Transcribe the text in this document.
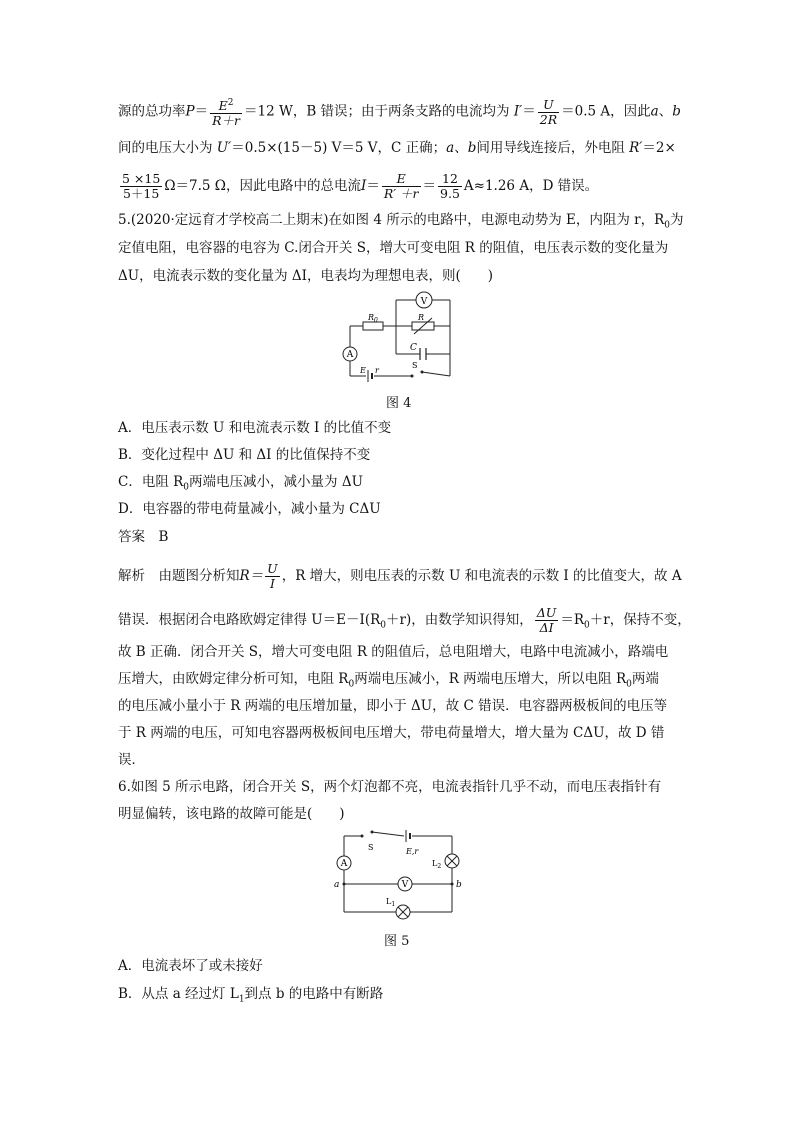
源的总功率$P= \frac{E^2}{R+r} =12$ W，B 错误；由于两条支路的电流均为 $I'= \frac{U}{2R} =0.5$ A，因此a、b
间的电压大小为 U′＝0.5×(15－5) V＝5 V，C 正确；a、b间用导线连接后，外电阻 R′＝2×
$\frac{5 \times 15}{5+15} \Omega=7.5$ Ω，因此电路中的总电流$I= \frac{E}{R' +r} = \frac{12}{9.5} A\approx 1.26$ A，D 错误。
5.(2020·定远育才学校高二上期末)在如图 4 所示的电路中，电源电动势为 E，内阻为 r，$R_0$为
定值电阻，电容器的电容为 C.闭合开关 S，增大可变电阻 R 的阻值，电压表示数的变化量为
ΔU，电流表示数的变化量为 ΔI，电表均为理想电表，则(　　)
V
A
$R_0$	R
C
S
E r
图 4
A．电压表示数 U 和电流表示数 I 的比值不变
B．变化过程中 ΔU 和 ΔI 的比值保持不变
C．电阻 $R_0$两端电压减小，减小量为 ΔU
D．电容器的带电荷量减小，减小量为 CΔU
答案　B
解析　由题图分析知$R= \frac{U}{I}$ ，R 增大，则电压表的示数 U 和电流表的示数 I 的比值变大，故 A
错误．根据闭合电路欧姆定律得 $U=E-I(R_0+r)$，由数学知识得知， $\frac{\Delta U}{\Delta I} =R_0+r$，保持不变，
故 B 正确．闭合开关 S，增大可变电阻 R 的阻值后，总电阻增大，电路中电流减小，路端电
压增大，由欧姆定律分析可知，电阻 $R_0$两端电压减小，R 两端电压增大，所以电阻 $R_0$两端
的电压减小量小于 R 两端的电压增加量，即小于 ΔU，故 C 错误．电容器两极板间的电压等
于 R 两端的电压，可知电容器两极板间电压增大，带电荷量增大，增大量为 CΔU，故 D 错
误．
6.如图 5 所示电路，闭合开关 S，两个灯泡都不亮，电流表指针几乎不动，而电压表指针有
明显偏转，该电路的故障可能是(　　)
A
V
S	E,r
$L_2$
$L_1$
a	b
图 5
A．电流表坏了或未接好
B．从点 a 经过灯 $L_1$到点 b 的电路中有断路
